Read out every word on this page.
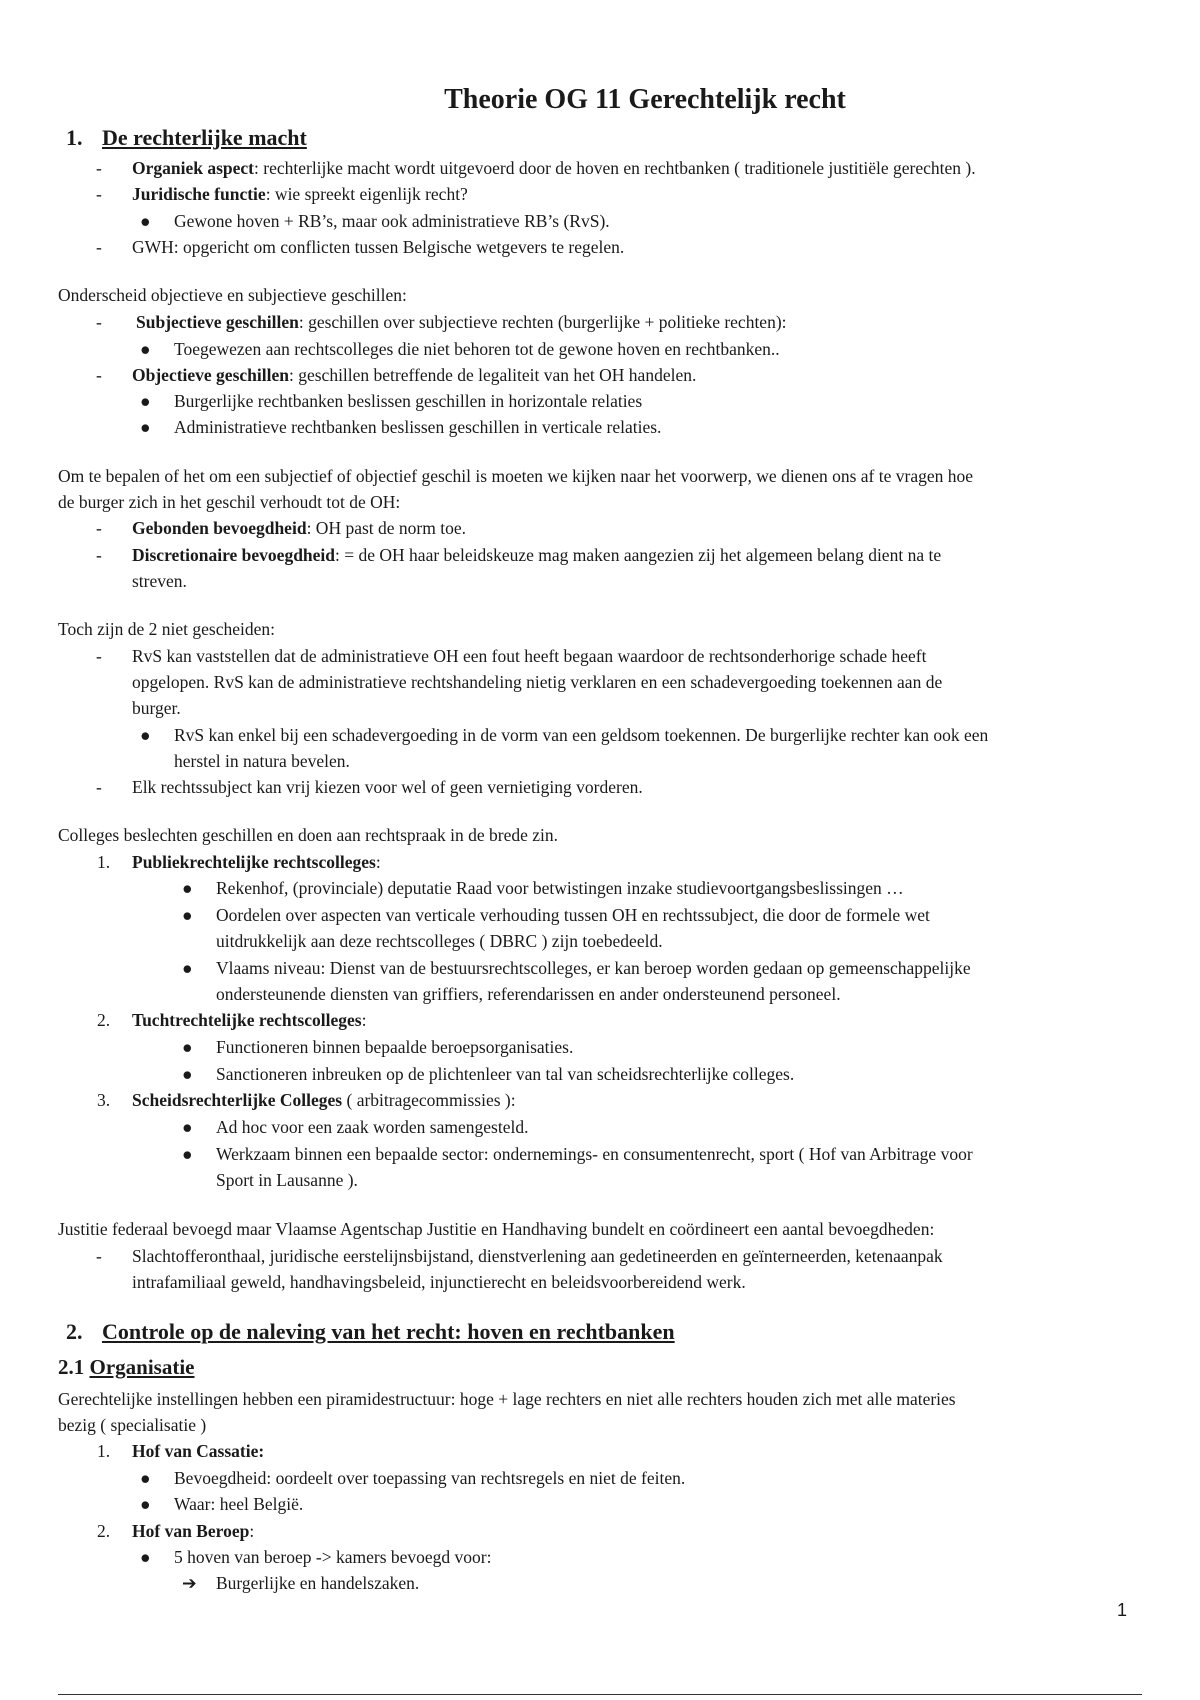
Theorie OG 11 Gerechtelijk recht
1. De rechterlijke macht
- Organiek aspect: rechterlijke macht wordt uitgevoerd door de hoven en rechtbanken ( traditionele justitiële gerechten ).
- Juridische functie: wie spreekt eigenlijk recht?
● Gewone hoven + RB’s, maar ook administratieve RB’s (RvS).
- GWH: opgericht om conflicten tussen Belgische wetgevers te regelen.
Onderscheid objectieve en subjectieve geschillen:
- Subjectieve geschillen: geschillen over subjectieve rechten (burgerlijke + politieke rechten):
● Toegewezen aan rechtscolleges die niet behoren tot de gewone hoven en rechtbanken..
- Objectieve geschillen: geschillen betreffende de legaliteit van het OH handelen.
● Burgerlijke rechtbanken beslissen geschillen in horizontale relaties
● Administratieve rechtbanken beslissen geschillen in verticale relaties.
Om te bepalen of het om een subjectief of objectief geschil is moeten we kijken naar het voorwerp, we dienen ons af te vragen hoe
de burger zich in het geschil verhoudt tot de OH:
- Gebonden bevoegdheid: OH past de norm toe.
- Discretionaire bevoegdheid: = de OH haar beleidskeuze mag maken aangezien zij het algemeen belang dient na te
streven.
Toch zijn de 2 niet gescheiden:
- RvS kan vaststellen dat de administratieve OH een fout heeft begaan waardoor de rechtsonderhorige schade heeft
opgelopen. RvS kan de administratieve rechtshandeling nietig verklaren en een schadevergoeding toekennen aan de
burger.
● RvS kan enkel bij een schadevergoeding in de vorm van een geldsom toekennen. De burgerlijke rechter kan ook een
herstel in natura bevelen.
- Elk rechtssubject kan vrij kiezen voor wel of geen vernietiging vorderen.
Colleges beslechten geschillen en doen aan rechtspraak in de brede zin.
1. Publiekrechtelijke rechtscolleges:
● Rekenhof, (provinciale) deputatie Raad voor betwistingen inzake studievoortgangsbeslissingen …
● Oordelen over aspecten van verticale verhouding tussen OH en rechtssubject, die door de formele wet
uitdrukkelijk aan deze rechtscolleges ( DBRC ) zijn toebedeeld.
● Vlaams niveau: Dienst van de bestuursrechtscolleges, er kan beroep worden gedaan op gemeenschappelijke
ondersteunende diensten van griffiers, referendarissen en ander ondersteunend personeel.
2. Tuchtrechtelijke rechtscolleges:
● Functioneren binnen bepaalde beroepsorganisaties.
● Sanctioneren inbreuken op de plichtenleer van tal van scheidsrechterlijke colleges.
3. Scheidsrechterlijke Colleges ( arbitragecommissies ):
● Ad hoc voor een zaak worden samengesteld.
● Werkzaam binnen een bepaalde sector: ondernemings- en consumentenrecht, sport ( Hof van Arbitrage voor
Sport in Lausanne ).
Justitie federaal bevoegd maar Vlaamse Agentschap Justitie en Handhaving bundelt en coördineert een aantal bevoegdheden:
- Slachtofferonthaal, juridische eerstelijnsbijstand, dienstverlening aan gedetineerden en geïnterneerden, ketenaanpak
intrafamiliaal geweld, handhavingsbeleid, injunctierecht en beleidsvoorbereidend werk.
2. Controle op de naleving van het recht: hoven en rechtbanken
2.1 Organisatie
Gerechtelijke instellingen hebben een piramidestructuur: hoge + lage rechters en niet alle rechters houden zich met alle materies
bezig ( specialisatie )
1. Hof van Cassatie:
● Bevoegdheid: oordeelt over toepassing van rechtsregels en niet de feiten.
● Waar: heel België.
2. Hof van Beroep:
● 5 hoven van beroep -> kamers bevoegd voor:
➔ Burgerlijke en handelszaken.
1
